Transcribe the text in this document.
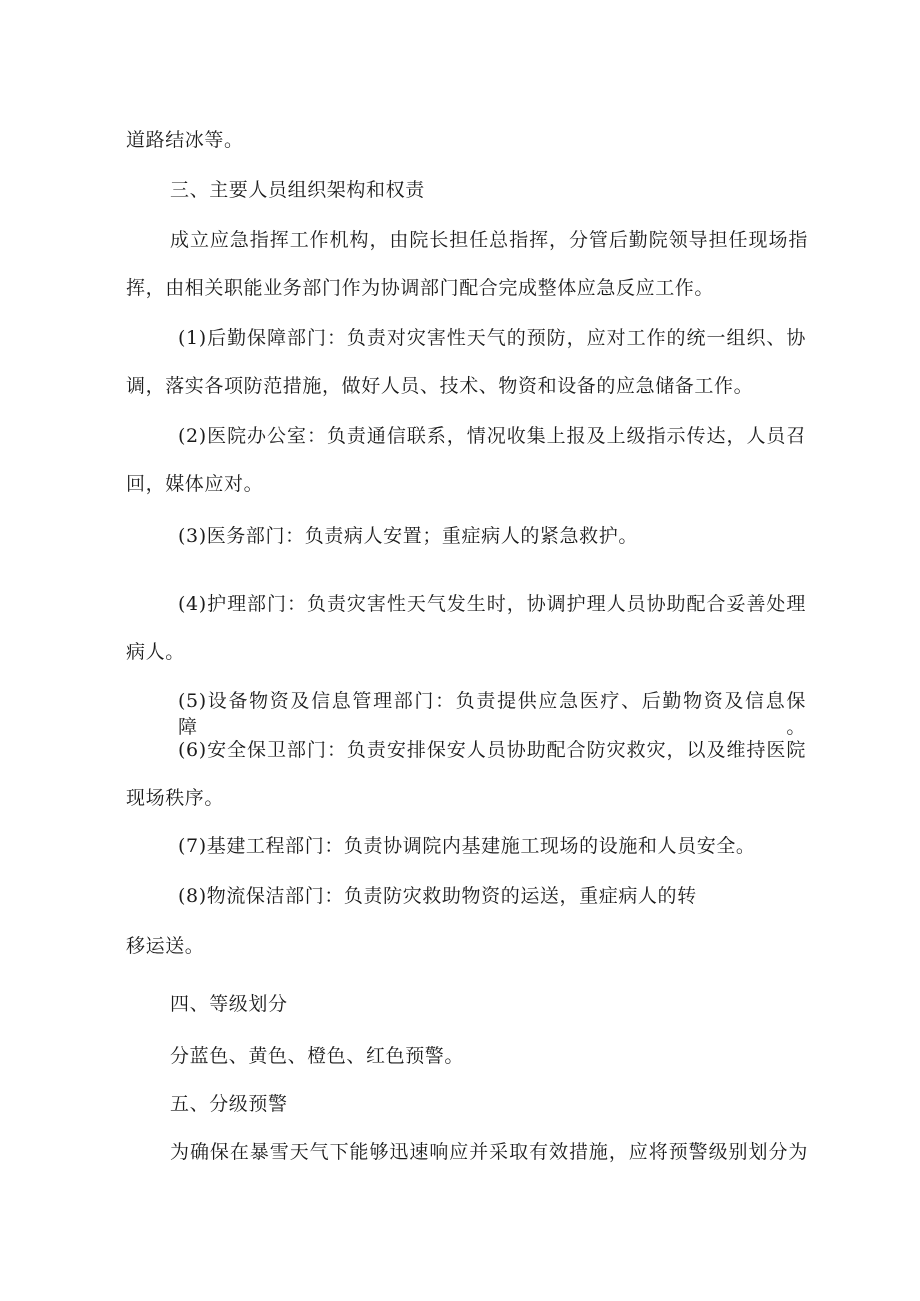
道路结冰等。

三、主要人员组织架构和权责

成立应急指挥工作机构，由院长担任总指挥，分管后勤院领导担任现场指

挥，由相关职能业务部门作为协调部门配合完成整体应急反应工作。

(1)后勤保障部门：负责对灾害性天气的预防，应对工作的统一组织、协

调，落实各项防范措施，做好人员、技术、物资和设备的应急储备工作。

(2)医院办公室：负责通信联系，情况收集上报及上级指示传达，人员召

回，媒体应对。

(3)医务部门：负责病人安置；重症病人的紧急救护。

(4)护理部门：负责灾害性天气发生时，协调护理人员协助配合妥善处理

病人。

(5)设备物资及信息管理部门：负责提供应急医疗、后勤物资及信息保障。

(6)安全保卫部门：负责安排保安人员协助配合防灾救灾，以及维持医院

现场秩序。

(7)基建工程部门：负责协调院内基建施工现场的设施和人员安全。

(8)物流保洁部门：负责防灾救助物资的运送，重症病人的转

移运送。

四、等级划分

分蓝色、黄色、橙色、红色预警。

五、分级预警

为确保在暴雪天气下能够迅速响应并采取有效措施，应将预警级别划分为
